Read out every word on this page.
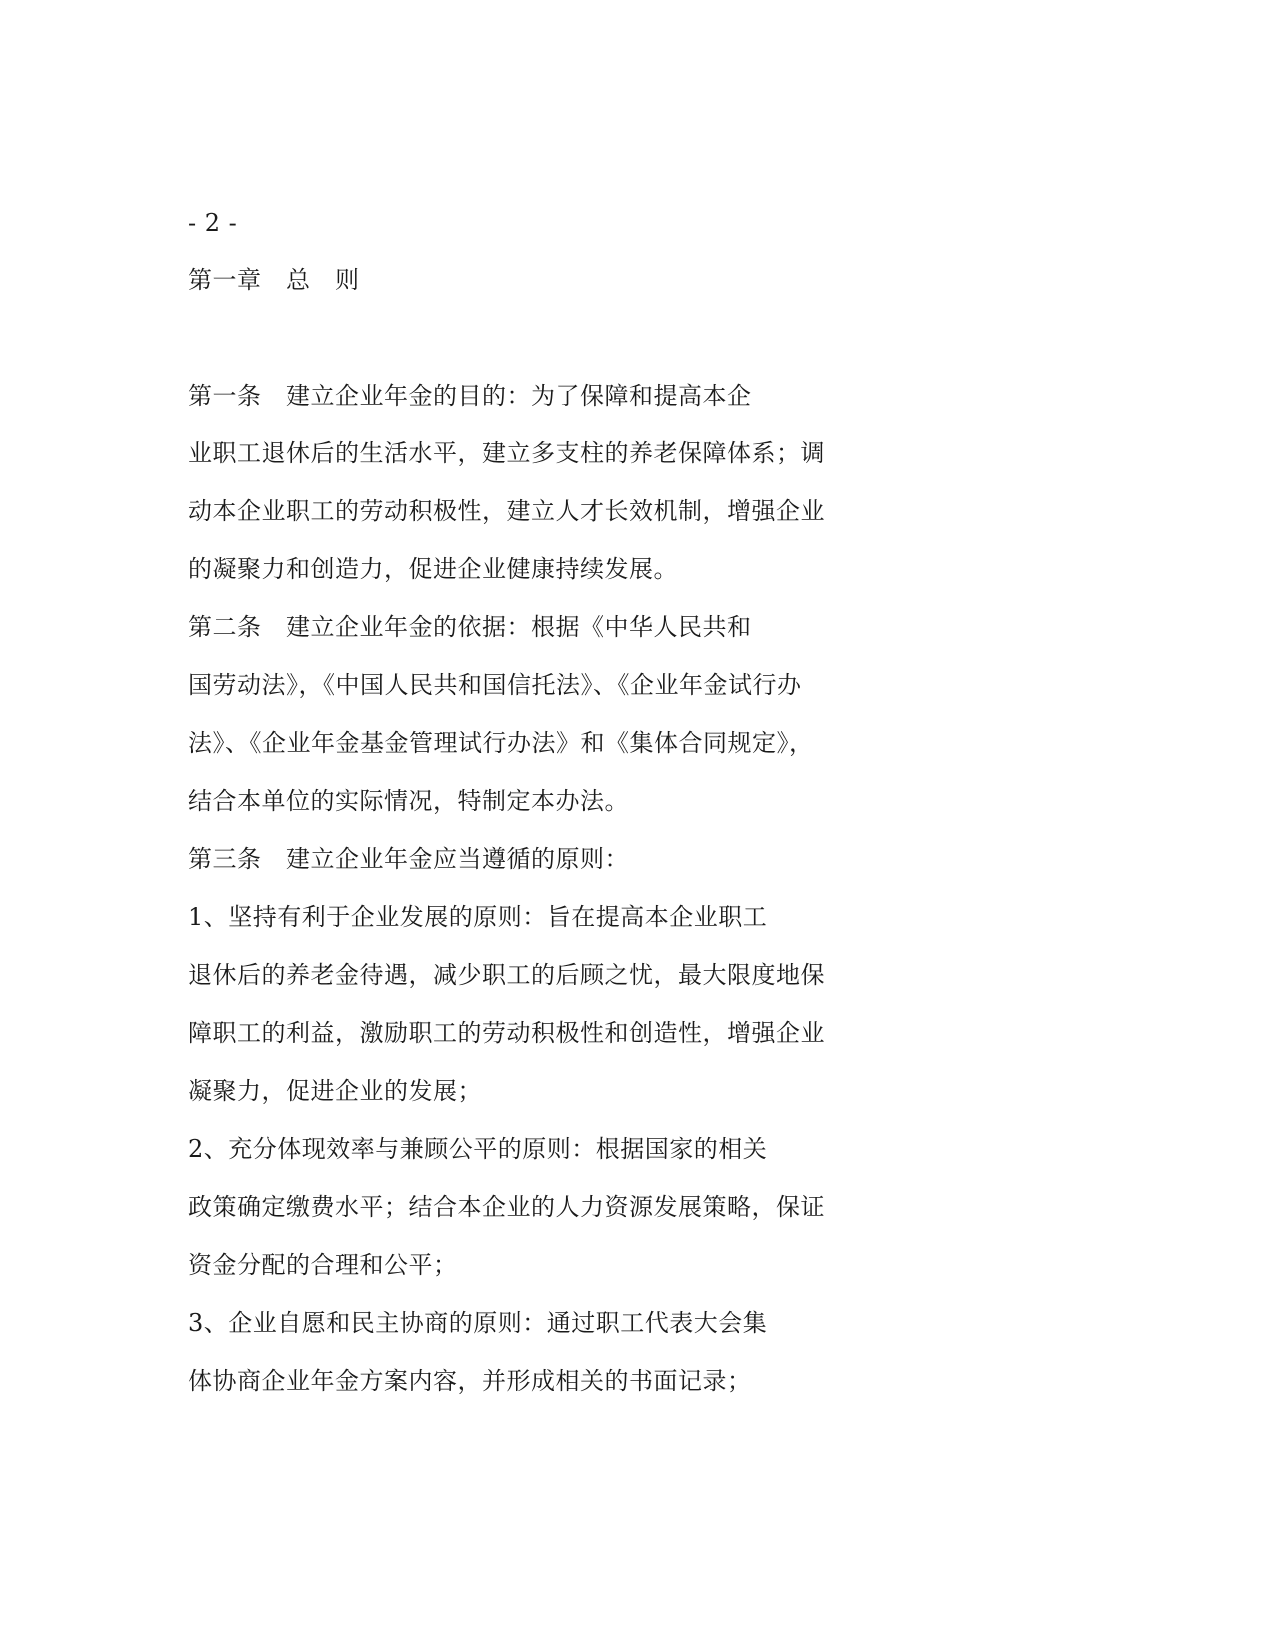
- 2 -
第一章　总　则
第一条　建立企业年金的目的：为了保障和提高本企
业职工退休后的生活水平，建立多支柱的养老保障体系；调
动本企业职工的劳动积极性，建立人才长效机制，增强企业
的凝聚力和创造力，促进企业健康持续发展。
第二条　建立企业年金的依据：根据《中华人民共和
国劳动法》，《中国人民共和国信托法》、《企业年金试行办
法》、《企业年金基金管理试行办法》和《集体合同规定》，
结合本单位的实际情况，特制定本办法。
第三条　建立企业年金应当遵循的原则：
1、坚持有利于企业发展的原则：旨在提高本企业职工
退休后的养老金待遇，减少职工的后顾之忧，最大限度地保
障职工的利益，激励职工的劳动积极性和创造性，增强企业
凝聚力，促进企业的发展；
2、充分体现效率与兼顾公平的原则：根据国家的相关
政策确定缴费水平；结合本企业的人力资源发展策略，保证
资金分配的合理和公平；
3、企业自愿和民主协商的原则：通过职工代表大会集
体协商企业年金方案内容，并形成相关的书面记录；
